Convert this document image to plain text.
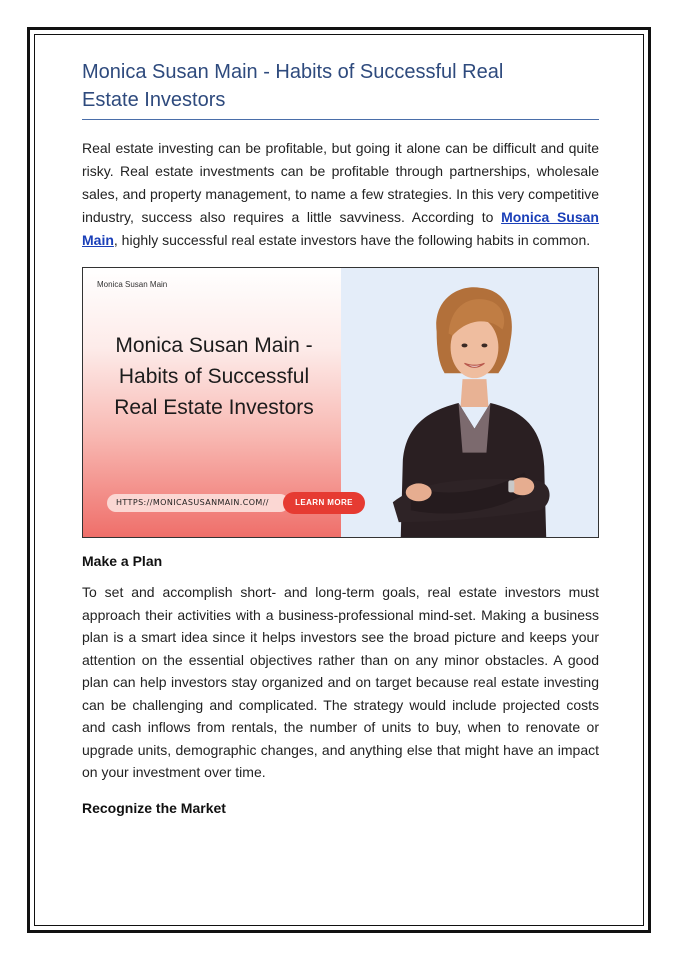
Monica Susan Main - Habits of Successful Real Estate Investors

Real estate investing can be profitable, but going it alone can be difficult and quite risky. Real estate investments can be profitable through partnerships, wholesale sales, and property management, to name a few strategies. In this very competitive industry, success also requires a little savviness. According to Monica Susan Main, highly successful real estate investors have the following habits in common.

Monica Susan Main
Monica Susan Main - Habits of Successful Real Estate Investors
HTTPS://MONICASUSANMAIN.COM//	LEARN MORE
Make a Plan

To set and accomplish short- and long-term goals, real estate investors must approach their activities with a business-professional mind-set. Making a business plan is a smart idea since it helps investors see the broad picture and keeps your attention on the essential objectives rather than on any minor obstacles. A good plan can help investors stay organized and on target because real estate investing can be challenging and complicated. The strategy would include projected costs and cash inflows from rentals, the number of units to buy, when to renovate or upgrade units, demographic changes, and anything else that might have an impact on your investment over time.

Recognize the Market
